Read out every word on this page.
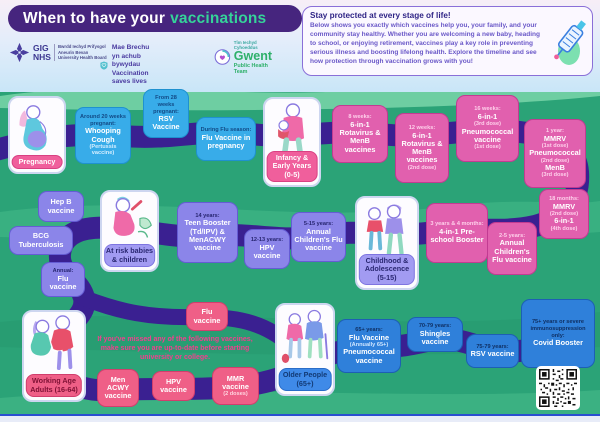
When to have your vaccinations
GIG
NHS
Bwrdd Iechyd Prifysgol Aneurin Bevan University Health Board
Mae Brechu yn achub bywydau
Vaccination saves lives
Tîm Iechyd Cyhoeddus
Gwent
Public Health Team
Stay protected at every stage of life!
Below shows you exactly which vaccines help you, your family, and your community stay healthy. Whether you are welcoming a new baby, heading to school, or enjoying retirement, vaccines play a key role in preventing serious illness and boosting lifelong health. Explore the timeline and see how protection through vaccination grows with you!
Pregnancy	Infancy & Early Years (0-5)
Childhood & Adolescence (5-15)
At risk babies & children
Working Age Adults (16-64)
Older People (65+)
Around 20 weeks pregnant:
Whooping Cough
(Pertussis vaccine)
From 28 weeks pregnant:
RSV Vaccine	During Flu season:
Flu Vaccine in pregnancy
8 weeks:
6-in-1 Rotavirus & MenB vaccines
12 weeks:
6-in-1 Rotavirus & MenB vaccines
(2nd dose)
16 weeks:
6-in-1
(3rd dose)
Pneumococcal vaccine
(1st dose)
1 year:
MMRV
(1st dose)
Pneumococcal
(2nd dose)
MenB
(3rd dose)
18 months:
MMRV
(2nd dose)
6-in-1
(4th dose)
2-5 years:
Annual Children's Flu vaccine
3 years & 4 months:
4-in-1 Pre-school Booster
5-15 years:
Annual Children's Flu vaccine
12-13 years:
HPV vaccine
14 years:
Teen Booster (Td/IPV) & MenACWY vaccine
Hep B vaccine
BCG Tuberculosis
Annual:
Flu vaccine
Flu vaccine
Men ACWY vaccine
HPV vaccine
MMR vaccine
(2 doses)
65+ years:
Flu Vaccine
(Annually 65+)
Pneumococcal vaccine
70-79 years:
Shingles vaccine
75-79 years:
RSV vaccine
75+ years or severe immunosuppression only:
Covid Booster
If you've missed any of the following vaccines, make sure you are up-to-date before starting university or college.
